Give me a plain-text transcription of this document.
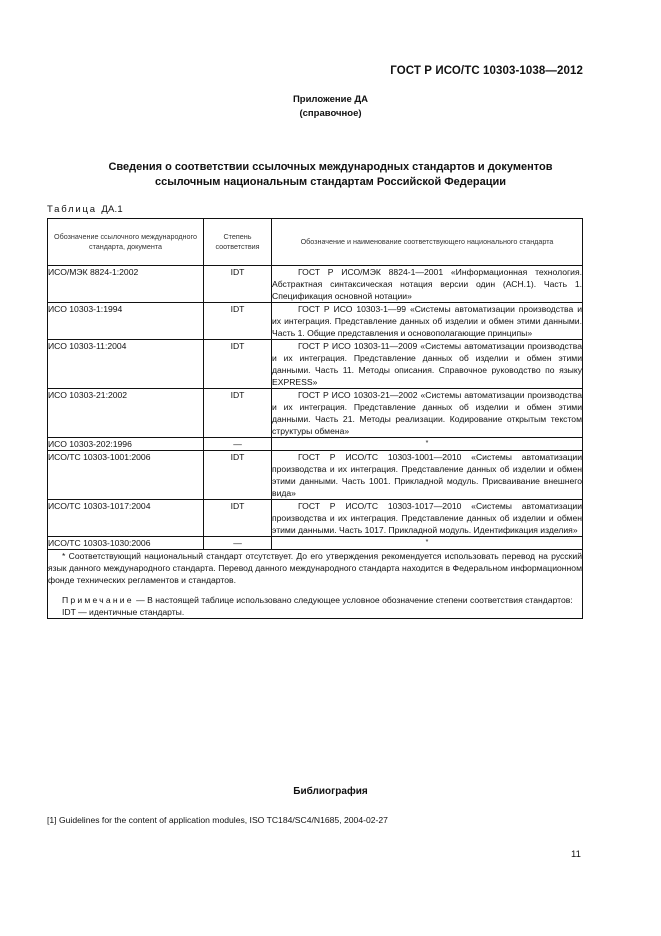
ГОСТ Р ИСО/ТС 10303-1038—2012
Приложение ДА
(справочное)
Сведения о соответствии ссылочных международных стандартов и документов
ссылочным национальным стандартам Российской Федерации
Таблица ДА.1
Обозначение ссылочного международного стандарта, документа	Степень соответствия	Обозначение и наименование соответствующего национального стандарта
ИСО/МЭК 8824-1:2002	IDT	ГОСТ Р ИСО/МЭК 8824-1—2001 «Информационная технология. Абстрактная синтаксическая нотация версии один (АСН.1). Часть 1. Спецификация основной нотации»
ИСО 10303-1:1994	IDT	ГОСТ Р ИСО 10303-1—99 «Системы автоматизации производства и их интеграция. Представление данных об изделии и обмен этими данными. Часть 1. Общие представления и основополагающие принципы»
ИСО 10303-11:2004	IDT	ГОСТ Р ИСО 10303-11—2009 «Системы автоматизации производства и их интеграция. Представление данных об изделии и обмен этими данными. Часть 11. Методы описания. Справочное руководство по языку EXPRESS»
ИСО 10303-21:2002	IDT	ГОСТ Р ИСО 10303-21—2002 «Системы автоматизации производства и их интеграция. Представление данных об изделии и обмен этими данными. Часть 21. Методы реализации. Кодирование открытым текстом структуры обмена»
ИСО 10303-202:1996	—	*
ИСО/ТС 10303-1001:2006	IDT	ГОСТ Р ИСО/ТС 10303-1001—2010 «Системы автоматизации производства и их интеграция. Представление данных об изделии и обмен этими данными. Часть 1001. Прикладной модуль. Присваивание внешнего вида»
ИСО/ТС 10303-1017:2004	IDT	ГОСТ Р ИСО/ТС 10303-1017—2010 «Системы автоматизации производства и их интеграция. Представление данных об изделии и обмен этими данными. Часть 1017. Прикладной модуль. Идентификация изделия»
ИСО/ТС 10303-1030:2006	—	*

* Соответствующий национальный стандарт отсутствует. До его утверждения рекомендуется использовать перевод на русский язык данного международного стандарта. Перевод данного международного стандарта находится в Федеральном информационном фонде технических регламентов и стандартов.

Примечание — В настоящей таблице использовано следующее условное обозначение степени соответствия стандартов:

IDT — идентичные стандарты.		

Библиография
[1] Guidelines for the content of application modules, ISO TC184/SC4/N1685, 2004-02-27
11
